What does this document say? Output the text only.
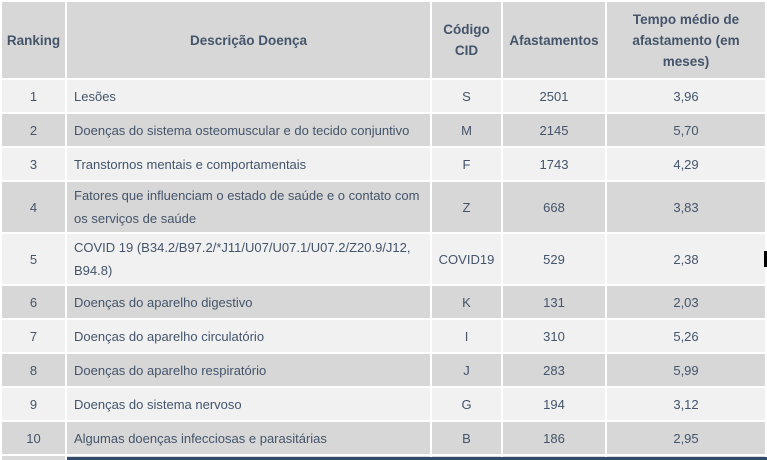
Ranking	Descrição Doença	Código CID	Afastamentos	Tempo médio de afastamento (em meses)
1	Lesões	S	2501	3,96
2	Doenças do sistema osteomuscular e do tecido conjuntivo	M	2145	5,70
3	Transtornos mentais e comportamentais	F	1743	4,29
4	Fatores que influenciam o estado de saúde e o contato com os serviços de saúde	Z	668	3,83
5	COVID 19 (B34.2/​B97.2/​*J11/​U07/​U07.1/​U07.2/​Z20.9/​J12, B94.8)	COVID19	529	2,38
6	Doenças do aparelho digestivo	K	131	2,03
7	Doenças do aparelho circulatório	I	310	5,26
8	Doenças do aparelho respiratório	J	283	5,99
9	Doenças do sistema nervoso	G	194	3,12
10	Algumas doenças infecciosas e parasitárias	B	186	2,95
